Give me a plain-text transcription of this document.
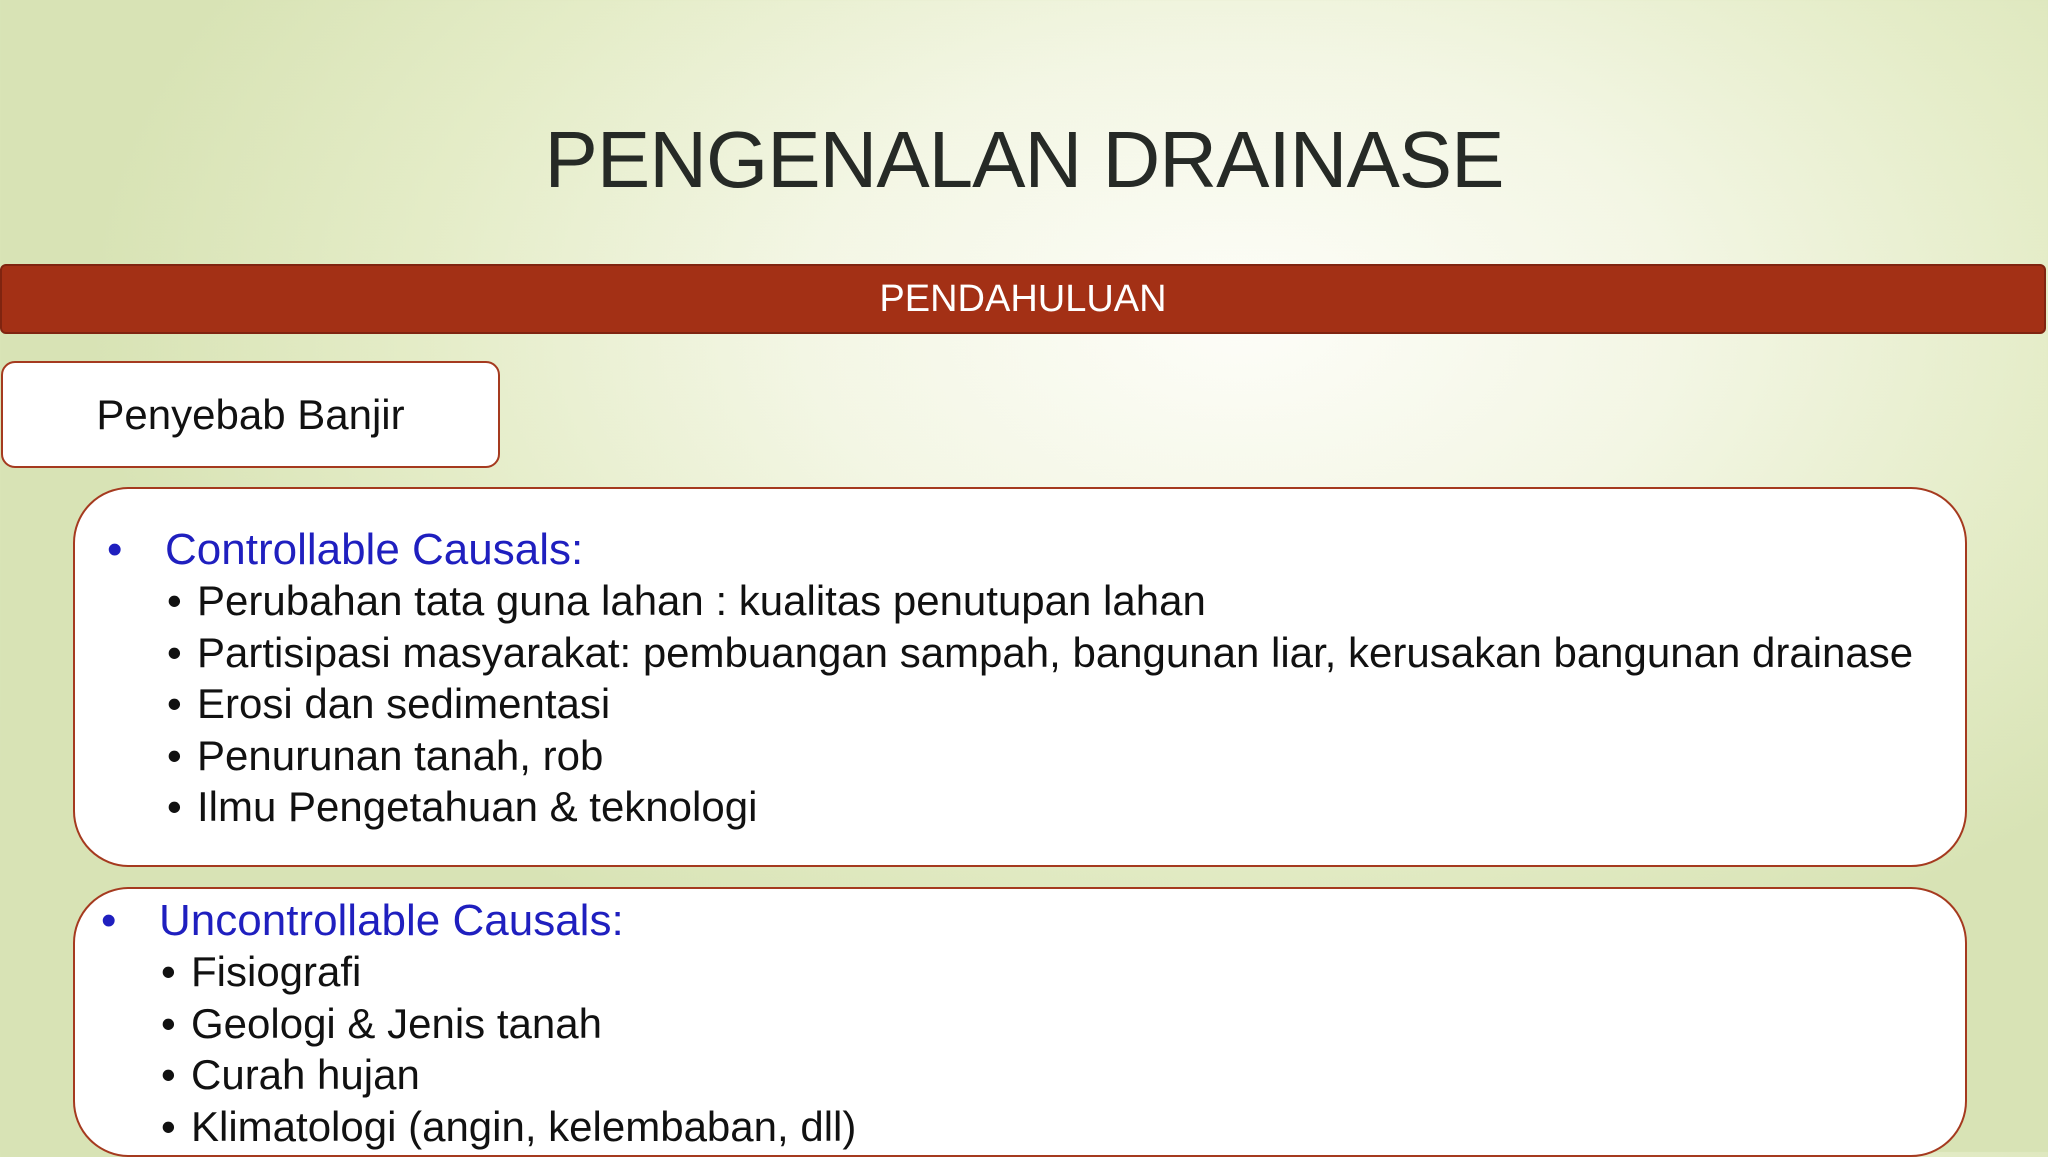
PENGENALAN DRAINASE
PENDAHULUAN
Penyebab Banjir
• Controllable Causals:
• Perubahan tata guna lahan : kualitas penutupan lahan
• Partisipasi masyarakat: pembuangan sampah, bangunan liar, kerusakan bangunan drainase
• Erosi dan sedimentasi
• Penurunan tanah, rob
• Ilmu Pengetahuan & teknologi
• Uncontrollable Causals:
• Fisiografi
• Geologi & Jenis tanah
• Curah hujan
• Klimatologi (angin, kelembaban, dll)
